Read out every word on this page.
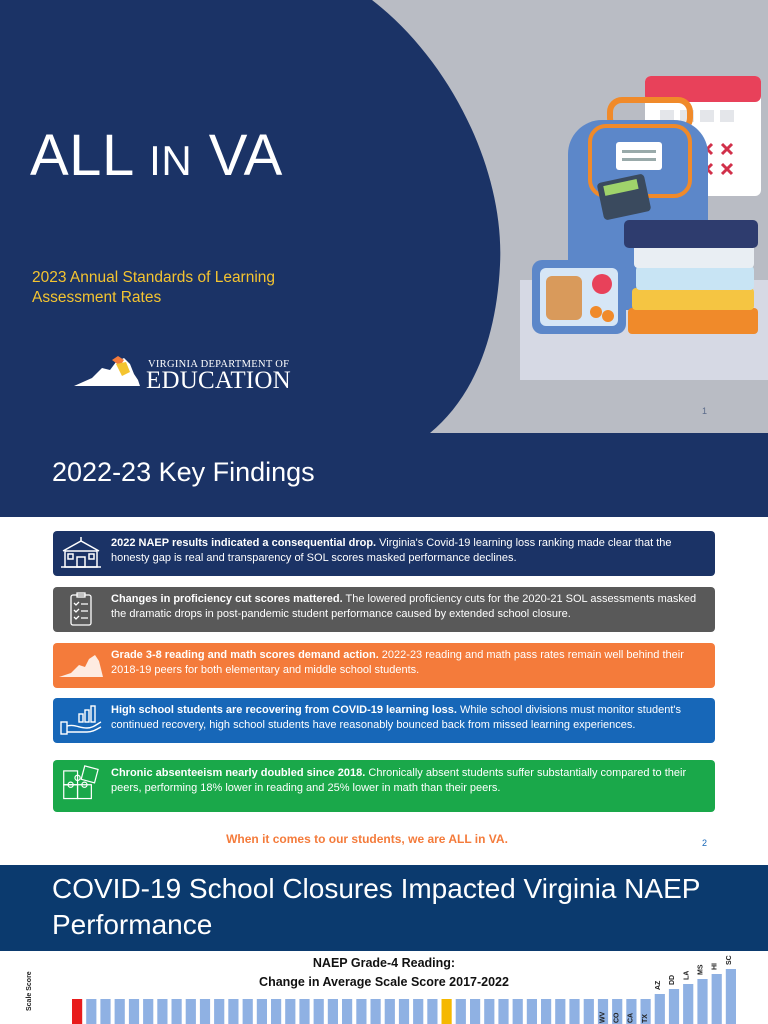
ALL IN VA
2023 Annual Standards of Learning Assessment Rates
VIRGINIA DEPARTMENT OF
EDUCATION
1
2022-23 Key Findings
2022 NAEP results indicated a consequential drop. Virginia's Covid-19 learning loss ranking made clear that the honesty gap is real and transparency of SOL scores masked performance declines.
Changes in proficiency cut scores mattered. The lowered proficiency cuts for the 2020-21 SOL assessments masked the dramatic drops in post-pandemic student performance caused by extended school closure.
Grade 3-8 reading and math scores demand action. 2022-23 reading and math pass rates remain well behind their 2018-19 peers for both elementary and middle school students.
High school students are recovering from COVID-19 learning loss. While school divisions must monitor student's continued recovery, high school students have reasonably bounced back from missed learning experiences.
Chronic absenteeism nearly doubled since 2018. Chronically absent students suffer substantially compared to their peers, performing 18% lower in reading and 25% lower in math than their peers.
When it comes to our students, we are ALL in VA.	2
COVID-19 School Closures Impacted Virginia NAEP Performance
AZ
DD LA
MS HI
SC
WV CO CA TX
NAEP Grade-4 Reading:
Change in Average Scale Score 2017-2022
Scale Score
